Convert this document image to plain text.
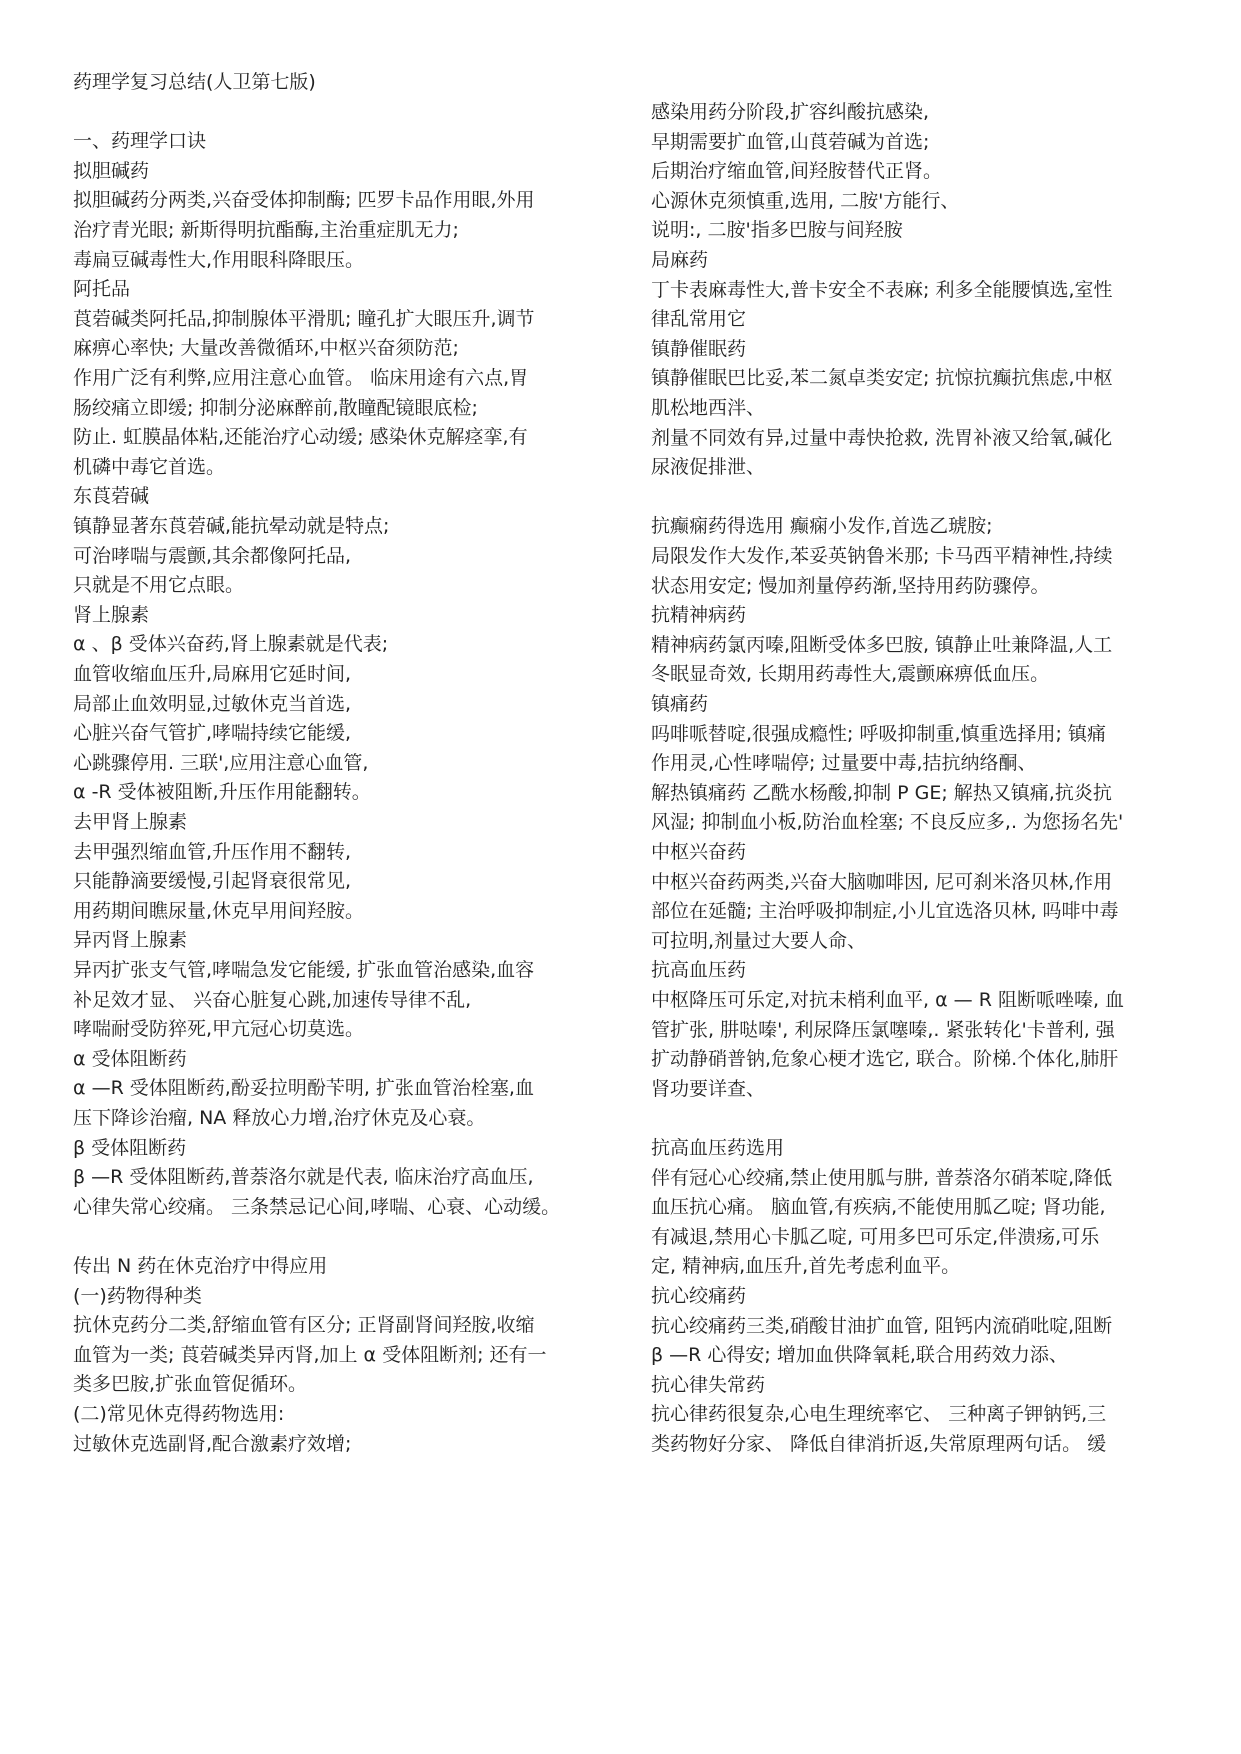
药理学复习总结(人卫第七版)
一、药理学口诀
拟胆碱药
拟胆碱药分两类,兴奋受体抑制酶; 匹罗卡品作用眼,外用
治疗青光眼; 新斯得明抗酯酶,主治重症肌无力;
毒扁豆碱毒性大,作用眼科降眼压。
阿托品
莨菪碱类阿托品,抑制腺体平滑肌; 瞳孔扩大眼压升,调节
麻痹心率快; 大量改善微循环,中枢兴奋须防范;
作用广泛有利弊,应用注意心血管。 临床用途有六点,胃
肠绞痛立即缓; 抑制分泌麻醉前,散瞳配镜眼底检;
防止. 虹膜晶体粘,还能治疗心动缓; 感染休克解痉挛,有
机磷中毒它首选。
东莨菪碱
镇静显著东莨菪碱,能抗晕动就是特点;
可治哮喘与震颤,其余都像阿托品,
只就是不用它点眼。
肾上腺素
α 、β 受体兴奋药,肾上腺素就是代表;
血管收缩血压升,局麻用它延时间,
局部止血效明显,过敏休克当首选,
心脏兴奋气管扩,哮喘持续它能缓,
心跳骤停用. 三联',应用注意心血管,
α -R 受体被阻断,升压作用能翻转。
去甲肾上腺素
去甲强烈缩血管,升压作用不翻转,
只能静滴要缓慢,引起肾衰很常见,
用药期间瞧尿量,休克早用间羟胺。
异丙肾上腺素
异丙扩张支气管,哮喘急发它能缓, 扩张血管治感染,血容
补足效才显、 兴奋心脏复心跳,加速传导律不乱,
哮喘耐受防猝死,甲亢冠心切莫选。
α 受体阻断药
α —R 受体阻断药,酚妥拉明酚苄明, 扩张血管治栓塞,血
压下降诊治瘤, NA 释放心力增,治疗休克及心衰。
β 受体阻断药
β —R 受体阻断药,普萘洛尔就是代表, 临床治疗高血压,
心律失常心绞痛。 三条禁忌记心间,哮喘、心衰、心动缓。
传出 N 药在休克治疗中得应用
(一)药物得种类
抗休克药分二类,舒缩血管有区分; 正肾副肾间羟胺,收缩
血管为一类; 莨菪碱类异丙肾,加上 α 受体阻断剂; 还有一
类多巴胺,扩张血管促循环。
(二)常见休克得药物选用:
过敏休克选副肾,配合激素疗效增;
感染用药分阶段,扩容纠酸抗感染,
早期需要扩血管,山莨菪碱为首选;
后期治疗缩血管,间羟胺替代正肾。
心源休克须慎重,选用, 二胺'方能行、
说明:, 二胺'指多巴胺与间羟胺
局麻药
丁卡表麻毒性大,普卡安全不表麻; 利多全能腰慎选,室性
律乱常用它
镇静催眠药
镇静催眠巴比妥,苯二氮卓类安定; 抗惊抗癫抗焦虑,中枢
肌松地西泮、
剂量不同效有异,过量中毒快抢救, 洗胃补液又给氧,碱化
尿液促排泄、
抗癫痫药得选用 癫痫小发作,首选乙琥胺;
局限发作大发作,苯妥英钠鲁米那; 卡马西平精神性,持续
状态用安定; 慢加剂量停药渐,坚持用药防骤停。
抗精神病药
精神病药氯丙嗪,阻断受体多巴胺, 镇静止吐兼降温,人工
冬眠显奇效, 长期用药毒性大,震颤麻痹低血压。
镇痛药
吗啡哌替啶,很强成瘾性; 呼吸抑制重,慎重选择用; 镇痛
作用灵,心性哮喘停; 过量要中毒,拮抗纳络酮、
解热镇痛药 乙酰水杨酸,抑制 P GE; 解热又镇痛,抗炎抗
风湿; 抑制血小板,防治血栓塞; 不良反应多,. 为您扬名先'
中枢兴奋药
中枢兴奋药两类,兴奋大脑咖啡因, 尼可刹米洛贝林,作用
部位在延髓; 主治呼吸抑制症,小儿宜选洛贝林, 吗啡中毒
可拉明,剂量过大要人命、
抗高血压药
中枢降压可乐定,对抗未梢利血平, α — R 阻断哌唑嗪, 血
管扩张, 肼哒嗪', 利尿降压氯噻嗪,. 紧张转化'卡普利, 强
扩动静硝普钠,危象心梗才选它, 联合。阶梯.个体化,肺肝
肾功要详查、
抗高血压药选用
伴有冠心心绞痛,禁止使用胍与肼, 普萘洛尔硝苯啶,降低
血压抗心痛。 脑血管,有疾病,不能使用胍乙啶; 肾功能,
有减退,禁用心卡胍乙啶, 可用多巴可乐定,伴溃疡,可乐
定, 精神病,血压升,首先考虑利血平。
抗心绞痛药
抗心绞痛药三类,硝酸甘油扩血管, 阻钙内流硝吡啶,阻断
β —R 心得安; 增加血供降氧耗,联合用药效力添、
抗心律失常药
抗心律药很复杂,心电生理统率它、 三种离子钾钠钙,三
类药物好分家、 降低自律消折返,失常原理两句话。 缓
